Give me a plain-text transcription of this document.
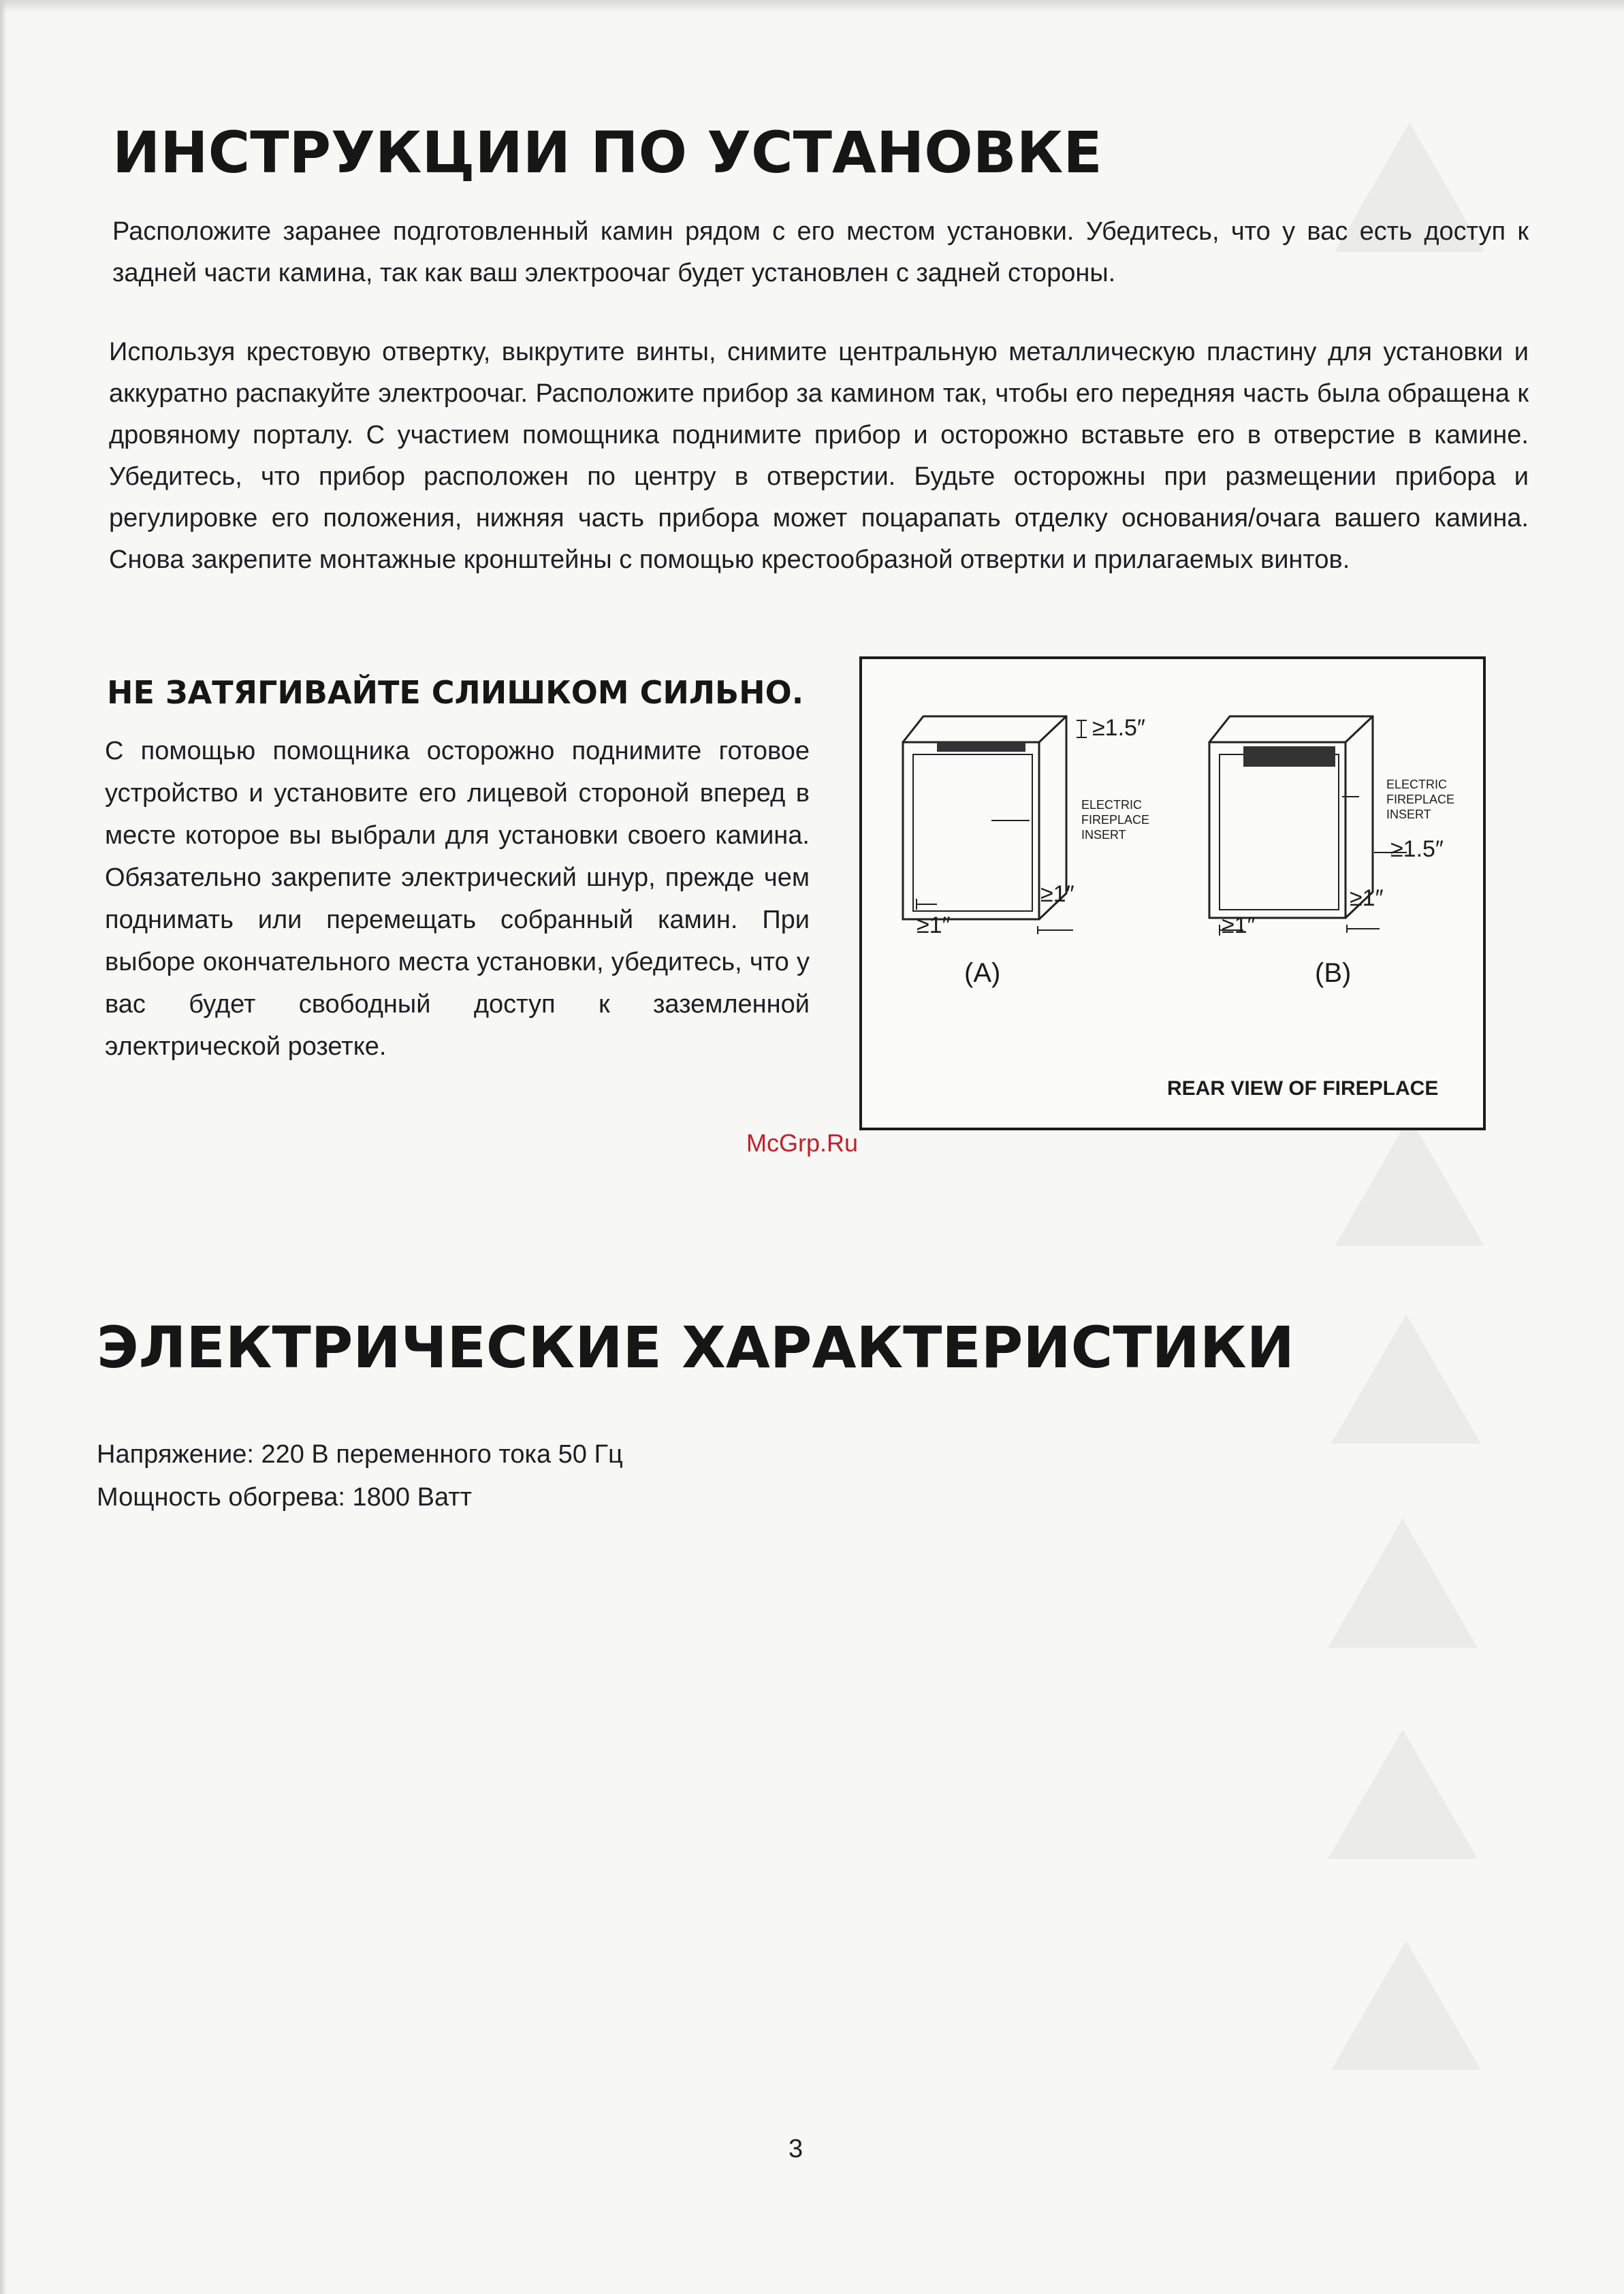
ИНСТРУКЦИИ ПО УСТАНОВКЕ

Расположите заранее подготовленный камин рядом с его местом установки. Убедитесь, что у вас есть доступ к задней части камина, так как ваш электроочаг будет установлен с задней стороны.

Используя крестовую отвертку, выкрутите винты, снимите центральную металлическую пластину для установки и аккуратно распакуйте электроочаг. Расположите прибор за камином так, чтобы его передняя часть была обращена к дровяному порталу. С участием помощника поднимите прибор и осторожно вставьте его в отверстие в камине. Убедитесь, что прибор расположен по центру в отверстии. Будьте осторожны при размещении прибора и регулировке его положения, нижняя часть прибора может поцарапать отделку основания/очага вашего камина. Снова закрепите монтажные кронштейны с помощью крестообразной отвертки и прилагаемых винтов.

НЕ ЗАТЯГИВАЙТЕ СЛИШКОМ СИЛЬНО.

С помощью помощника осторожно поднимите готовое устройство и установите его лицевой стороной вперед в месте которое вы выбрали для установки своего камина. Обязательно закрепите электрический шнур, прежде чем поднимать или перемещать собранный камин. При выборе окончательного места установки, убедитесь, что у вас будет свободный доступ к заземленной электрической розетке.

≥1.5″
ELECTRIC
FIREPLACE
INSERT
≥1″
≥1″
(A)
ELECTRIC
FIREPLACE
INSERT
≥1.5″
≥1″
≥1″
(B)
REAR VIEW OF FIREPLACE
McGrp.Ru
ЭЛЕКТРИЧЕСКИЕ ХАРАКТЕРИСТИКИ

Напряжение: 220 В переменного тока 50 Гц

Мощность обогрева: 1800 Ватт

3
